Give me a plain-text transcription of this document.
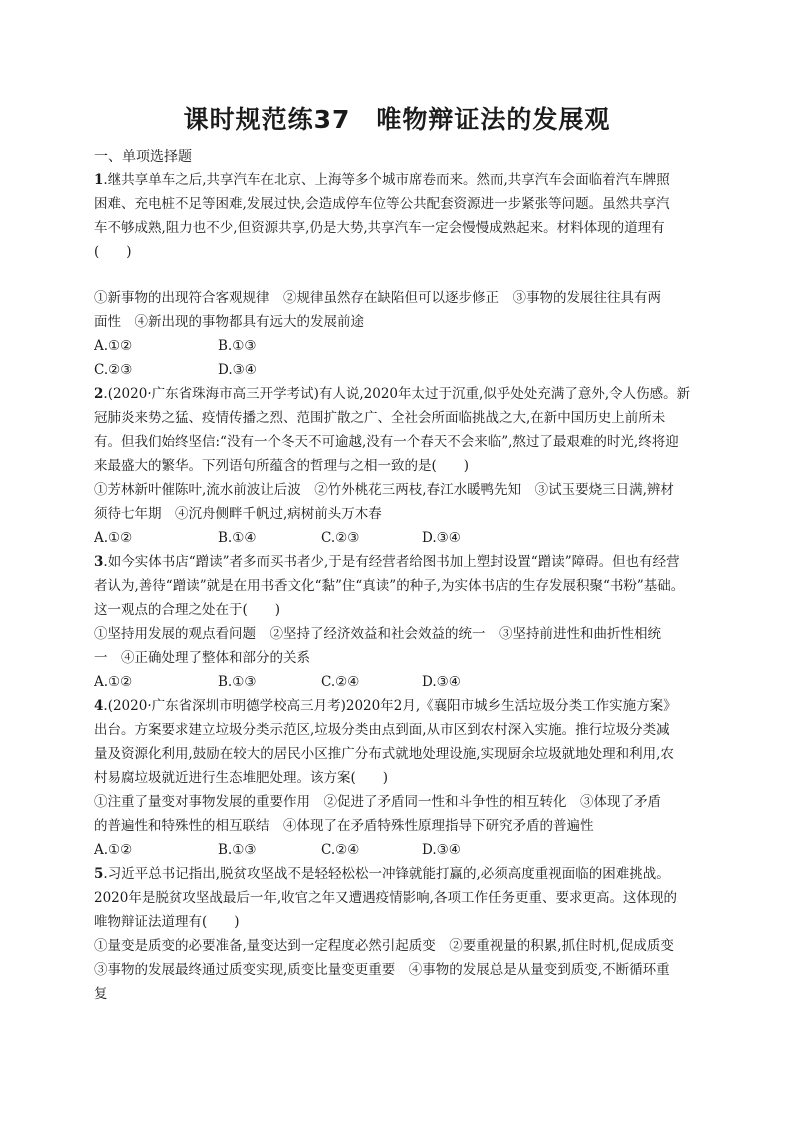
课时规范练37　唯物辩证法的发展观
一、单项选择题
1.继共享单车之后,共享汽车在北京、上海等多个城市席卷而来。然而,共享汽车会面临着汽车牌照
困难、充电桩不足等困难,发展过快,会造成停车位等公共配套资源进一步紧张等问题。虽然共享汽
车不够成熟,阻力也不少,但资源共享,仍是大势,共享汽车一定会慢慢成熟起来。材料体现的道理有
(　　)
①新事物的出现符合客观规律　②规律虽然存在缺陷但可以逐步修正　③事物的发展往往具有两
面性　④新出现的事物都具有远大的发展前途
A.①②	B.①③
C.②③	D.③④
2.(2020·广东省珠海市高三开学考试)有人说,2020年太过于沉重,似乎处处充满了意外,令人伤感。新
冠肺炎来势之猛、疫情传播之烈、范围扩散之广、全社会所面临挑战之大,在新中国历史上前所未
有。但我们始终坚信:“没有一个冬天不可逾越,没有一个春天不会来临”,熬过了最艰难的时光,终将迎
来最盛大的繁华。下列语句所蕴含的哲理与之相一致的是(　　)
①芳林新叶催陈叶,流水前波让后波　②竹外桃花三两枝,春江水暖鸭先知　③试玉要烧三日满,辨材
须待七年期　④沉舟侧畔千帆过,病树前头万木春
A.①②	B.①④	C.②③	D.③④
3.如今实体书店“蹭读”者多而买书者少,于是有经营者给图书加上塑封设置“蹭读”障碍。但也有经营
者认为,善待“蹭读”就是在用书香文化“黏”住“真读”的种子,为实体书店的生存发展积聚“书粉”基础。
这一观点的合理之处在于(　　)
①坚持用发展的观点看问题　②坚持了经济效益和社会效益的统一　③坚持前进性和曲折性相统
一　④正确处理了整体和部分的关系
A.①②	B.①③	C.②④	D.③④
4.(2020·广东省深圳市明德学校高三月考)2020年2月,《襄阳市城乡生活垃圾分类工作实施方案》
出台。方案要求建立垃圾分类示范区,垃圾分类由点到面,从市区到农村深入实施。推行垃圾分类减
量及资源化利用,鼓励在较大的居民小区推广分布式就地处理设施,实现厨余垃圾就地处理和利用,农
村易腐垃圾就近进行生态堆肥处理。该方案(　　)
①注重了量变对事物发展的重要作用　②促进了矛盾同一性和斗争性的相互转化　③体现了矛盾
的普遍性和特殊性的相互联结　④体现了在矛盾特殊性原理指导下研究矛盾的普遍性
A.①②	B.①③	C.②④	D.③④
5.习近平总书记指出,脱贫攻坚战不是轻轻松松一冲锋就能打赢的,必须高度重视面临的困难挑战。
2020年是脱贫攻坚战最后一年,收官之年又遭遇疫情影响,各项工作任务更重、要求更高。这体现的
唯物辩证法道理有(　　)
①量变是质变的必要准备,量变达到一定程度必然引起质变　②要重视量的积累,抓住时机,促成质变
③事物的发展最终通过质变实现,质变比量变更重要　④事物的发展总是从量变到质变,不断循环重
复
